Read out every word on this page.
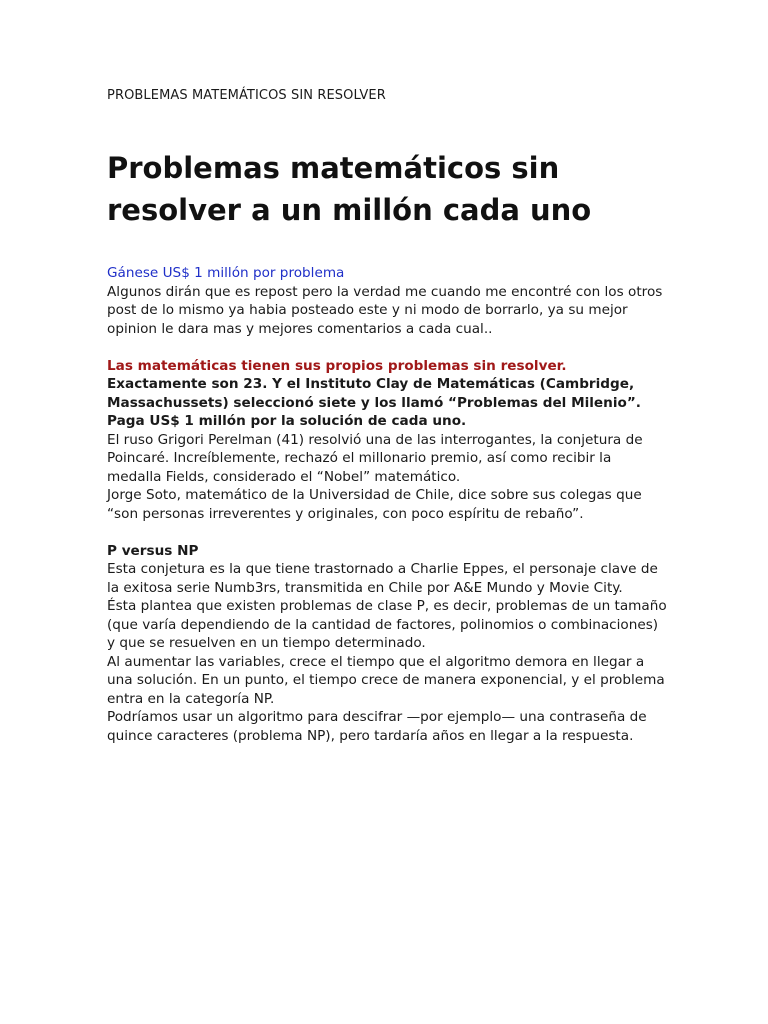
PROBLEMAS MATEMÁTICOS SIN RESOLVER
Problemas matemáticos sin
resolver a un millón cada uno

Gánese US$ 1 millón por problema

Algunos dirán que es repost pero la verdad me cuando me encontré con los otros post de lo mismo ya habia posteado este y ni modo de borrarlo, ya su mejor opinion le dara mas y mejores comentarios a cada cual..

Las matemáticas tienen sus propios problemas sin resolver.

Exactamente son 23. Y el Instituto Clay de Matemáticas (Cambridge, Massachussets) seleccionó siete y los llamó “Problemas del Milenio”. Paga US$ 1 millón por la solución de cada uno.

El ruso Grigori Perelman (41) resolvió una de las interrogantes, la conjetura de Poincaré. Increíblemente, rechazó el millonario premio, así como recibir la medalla Fields, considerado el “Nobel” matemático.

Jorge Soto, matemático de la Universidad de Chile, dice sobre sus colegas que “son personas irreverentes y originales, con poco espíritu de rebaño”.

P versus NP

Esta conjetura es la que tiene trastornado a Charlie Eppes, el personaje clave de la exitosa serie Numb3rs, transmitida en Chile por A&E Mundo y Movie City.

Ésta plantea que existen problemas de clase P, es decir, problemas de un tamaño (que varía dependiendo de la cantidad de factores, polinomios o combinaciones) y que se resuelven en un tiempo determinado.

Al aumentar las variables, crece el tiempo que el algoritmo demora en llegar a una solución. En un punto, el tiempo crece de manera exponencial, y el problema entra en la categoría NP.

Podríamos usar un algoritmo para descifrar —por ejemplo— una contraseña de quince caracteres (problema NP), pero tardaría años en llegar a la respuesta.
